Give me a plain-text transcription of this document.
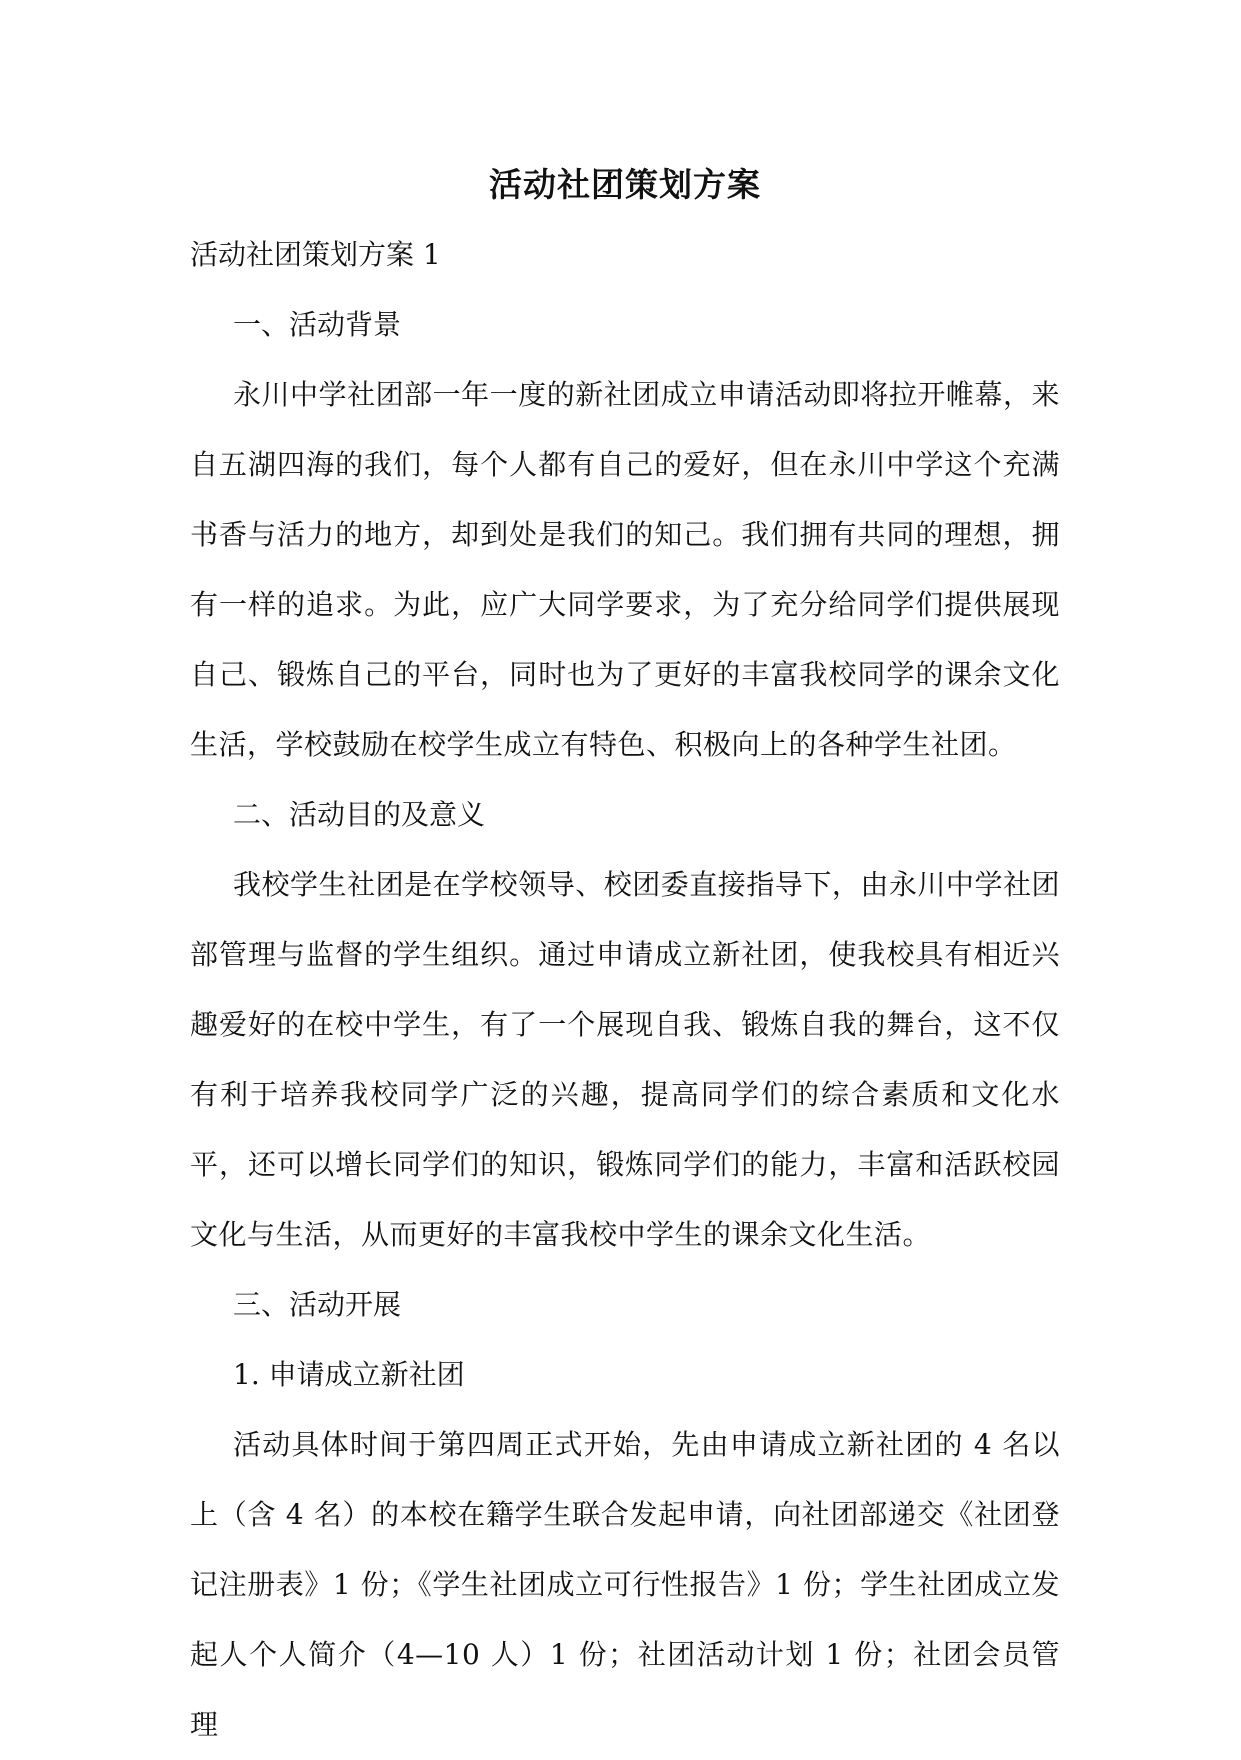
活动社团策划方案

活动社团策划方案 1

一、活动背景

永川中学社团部一年一度的新社团成立申请活动即将拉开帷幕，来自五湖四海的我们，每个人都有自己的爱好，但在永川中学这个充满书香与活力的地方，却到处是我们的知己。我们拥有共同的理想，拥有一样的追求。为此，应广大同学要求，为了充分给同学们提供展现自己、锻炼自己的平台，同时也为了更好的丰富我校同学的课余文化生活，学校鼓励在校学生成立有特色、积极向上的各种学生社团。

二、活动目的及意义

我校学生社团是在学校领导、校团委直接指导下，由永川中学社团部管理与监督的学生组织。通过申请成立新社团，使我校具有相近兴趣爱好的在校中学生，有了一个展现自我、锻炼自我的舞台，这不仅有利于培养我校同学广泛的兴趣，提高同学们的综合素质和文化水平，还可以增长同学们的知识，锻炼同学们的能力，丰富和活跃校园文化与生活，从而更好的丰富我校中学生的课余文化生活。

三、活动开展

1. 申请成立新社团

活动具体时间于第四周正式开始，先由申请成立新社团的 4 名以上（含 4 名）的本校在籍学生联合发起申请，向社团部递交《社团登记注册表》1 份；《学生社团成立可行性报告》1 份；学生社团成立发起人个人简介（4—10 人）1 份；社团活动计划 1 份；社团会员管理
